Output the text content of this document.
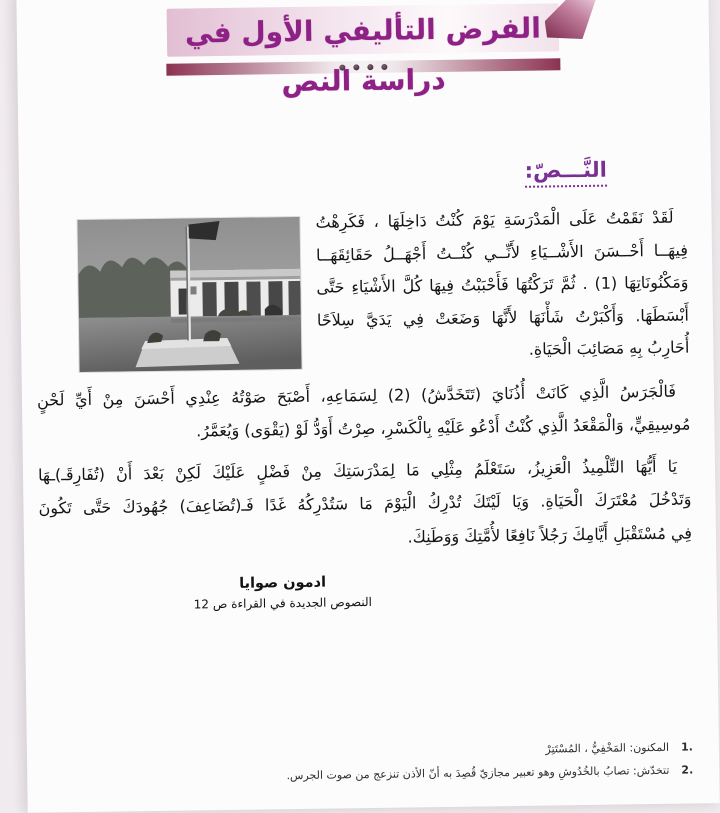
الفرض التأليفي الأول في دراسة النص
النَّـــصّ:
لَقَدْ نَقَمْتُ عَلَى الْمَدْرَسَةِ يَوْمَ كُنْتُ دَاخِلَهَا ، فَكَرِهْتُ
فِيهَــا أَحْــسَنَ الأَشْــيَاءِ لأَنِّــي كُنْــتُ أَجْهَــلُ حَقَائِقَهَــا
وَمَكْنُونَاتِهَا (1) . ثُمَّ تَرَكْتُهَا فَأَحْبَبْتُ فِيهَا كُلَّ الأَشْيَاءِ حَتَّى
أَبْسَطَهَا. وَأَكْبَرْتُ شَأْنَهَا لأَنَّهَا وَضَعَتْ فِي يَدَيَّ سِلاَحًا
أُحَارِبُ بِهِ مَصَائِبَ الْحَيَاةِ.
فَالْجَرَسُ الَّذِي كَانَتْ أُذُنَايَ (تَتَخَدَّشُ) (2) لِسَمَاعِهِ، أَصْبَحَ صَوْتُهُ عِنْدِي أَحْسَنَ مِنْ أَيِّ لَحْنٍ
مُوسِيقِيٍّ، وَالْمَقْعَدُ الَّذِي كُنْتُ أَدْعُو عَلَيْهِ بِالْكَسْرِ، صِرْتُ أَوَدُّ لَوْ (يَقْوَى) وَيُعَمَّرُ.
يَا أَيُّهَا التِّلْمِيذُ الْعَزِيزُ، سَتَعْلَمُ مِثْلِي مَا لِمَدْرَسَتِكَ مِنْ فَضْلٍ عَلَيْكَ لَكِنْ بَعْدَ أَنْ (تُفَارِقَـ)ـهَا
وَتَدْخُلَ مُعْتَرَكَ الْحَيَاةِ. وَيَا لَيْتَكَ تُدْرِكُ الْيَوْمَ مَا سَتُدْرِكُهُ غَدًا فَـ(تُضَاعِفَ) جُهُودَكَ حَتَّى تَكُونَ
فِي مُسْتَقْبَلِ أَيَّامِكَ رَجُلاً نَافِعًا لأُمَّتِكَ وَوَطَنِكَ.
ادمون صوايا
النصوص الجديدة في القراءة ص 12
1.المكنون: المَخْفِيُّ ، المُسْتَتِرْ
2.تتخدّش: تصابُ بالخُدُوشِ وهو تعبير مجازيّ قُصِدَ به أنّ الأذن تنزعج من صوت الجرس.
